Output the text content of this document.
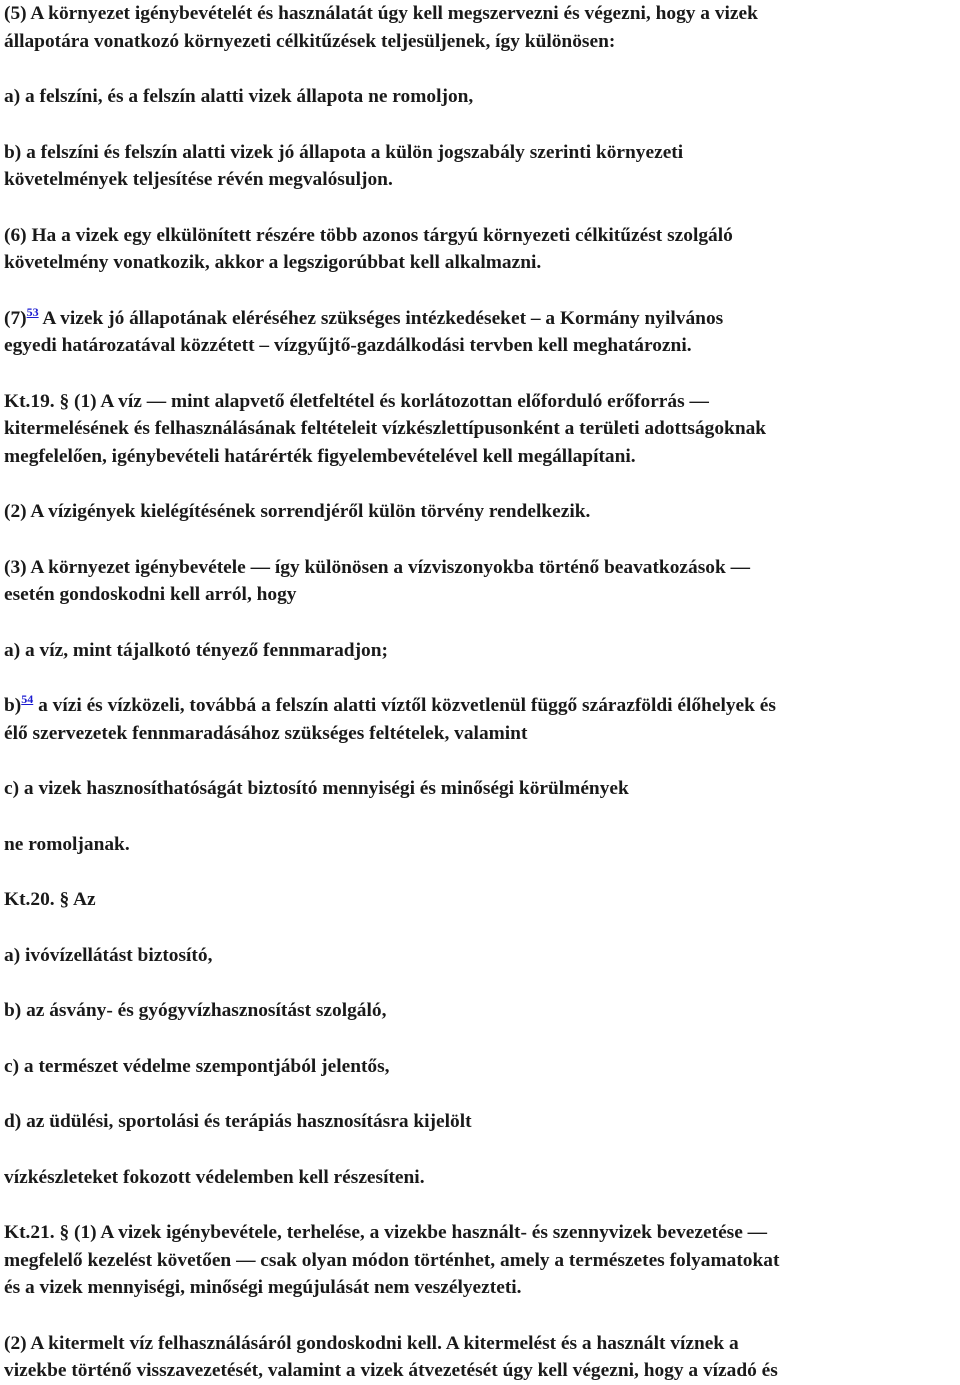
(5) A környezet igénybevételét és használatát úgy kell megszervezni és végezni, hogy a vizek
állapotára vonatkozó környezeti célkitűzések teljesüljenek, így különösen:

a) a felszíni, és a felszín alatti vizek állapota ne romoljon,

b) a felszíni és felszín alatti vizek jó állapota a külön jogszabály szerinti környezeti
követelmények teljesítése révén megvalósuljon.

(6) Ha a vizek egy elkülönített részére több azonos tárgyú környezeti célkitűzést szolgáló
követelmény vonatkozik, akkor a legszigorúbbat kell alkalmazni.

(7)$^{53}$ A vizek jó állapotának eléréséhez szükséges intézkedéseket – a Kormány nyilvános
egyedi határozatával közzétett – vízgyűjtő-gazdálkodási tervben kell meghatározni.

Kt.19. § (1) A víz — mint alapvető életfeltétel és korlátozottan előforduló erőforrás —
kitermelésének és felhasználásának feltételeit vízkészlettípusonként a területi adottságoknak
megfelelően, igénybevételi határérték figyelembevételével kell megállapítani.

(2) A vízigények kielégítésének sorrendjéről külön törvény rendelkezik.

(3) A környezet igénybevétele — így különösen a vízviszonyokba történő beavatkozások —
esetén gondoskodni kell arról, hogy

a) a víz, mint tájalkotó tényező fennmaradjon;

b)$^{54}$ a vízi és vízközeli, továbbá a felszín alatti víztől közvetlenül függő szárazföldi élőhelyek és
élő szervezetek fennmaradásához szükséges feltételek, valamint

c) a vizek hasznosíthatóságát biztosító mennyiségi és minőségi körülmények

ne romoljanak.

Kt.20. § Az

a) ivóvízellátást biztosító,

b) az ásvány- és gyógyvízhasznosítást szolgáló,

c) a természet védelme szempontjából jelentős,

d) az üdülési, sportolási és terápiás hasznosításra kijelölt

vízkészleteket fokozott védelemben kell részesíteni.

Kt.21. § (1) A vizek igénybevétele, terhelése, a vizekbe használt- és szennyvizek bevezetése —
megfelelő kezelést követően — csak olyan módon történhet, amely a természetes folyamatokat
és a vizek mennyiségi, minőségi megújulását nem veszélyezteti.

(2) A kitermelt víz felhasználásáról gondoskodni kell. A kitermelést és a használt víznek a
vizekbe történő visszavezetését, valamint a vizek átvezetését úgy kell végezni, hogy a vízadó és
